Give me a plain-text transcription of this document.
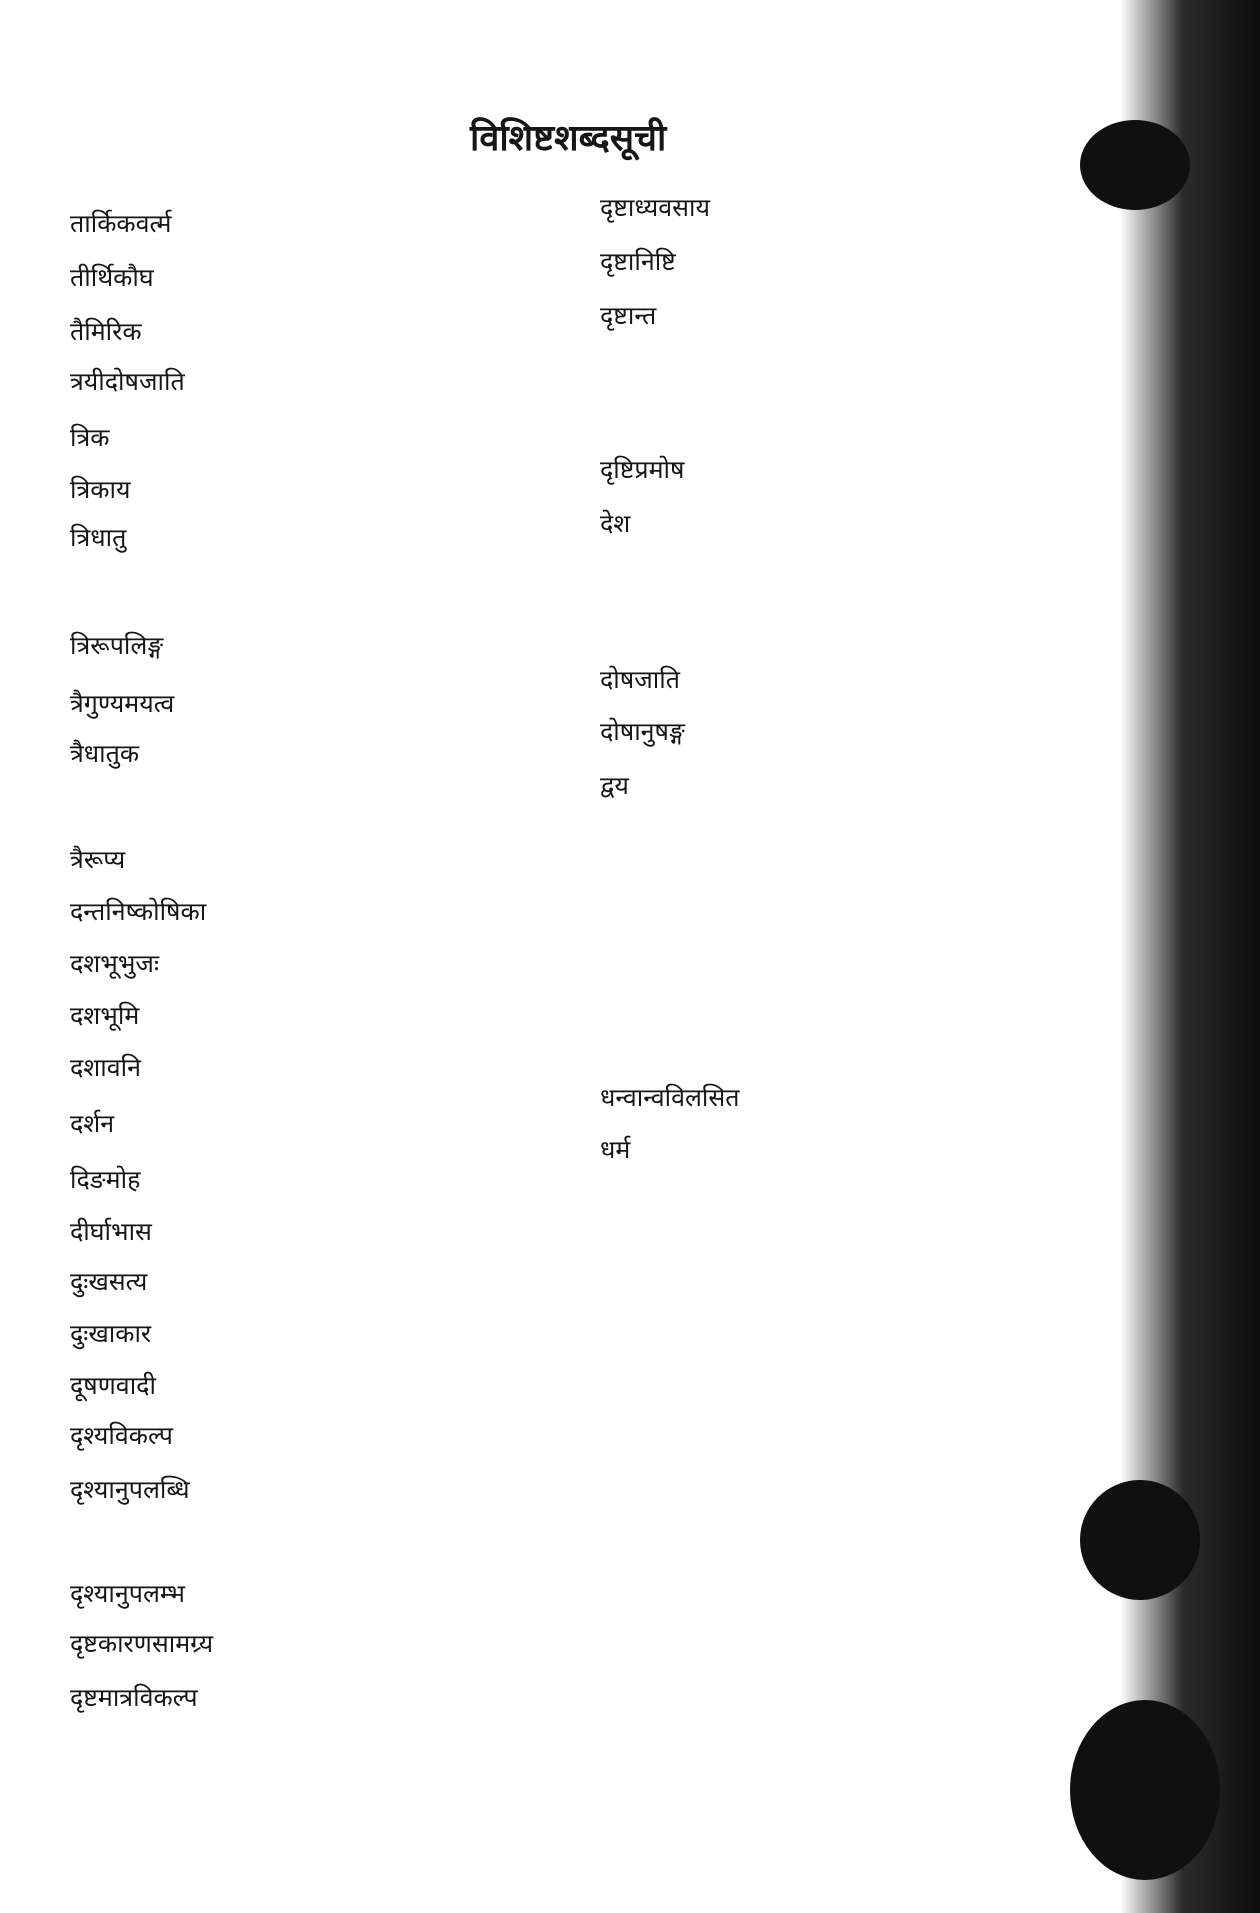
विशिष्टशब्दसूची
तार्किकवर्त्म
तीर्थिकौघ
तैमिरिक
त्रयीदोषजाति
त्रिक
त्रिकाय
त्रिधातु
त्रिरूपलिङ्ग
त्रैगुण्यमयत्व
त्रैधातुक
त्रैरूप्य
दन्तनिष्कोषिका
दशभूभुजः
दशभूमि
दशावनि
दर्शन
दिङमोह
दीर्घाभास
दुःखसत्य
दुःखाकार
दूषणवादी
दृश्यविकल्प
दृश्यानुपलब्धि
दृश्यानुपलम्भ
दृष्टकारणसामग्र्य
दृष्टमात्रविकल्प
दृष्टाध्यवसाय
दृष्टानिष्टि
दृष्टान्त
दृष्टिप्रमोष
देश
दोषजाति
दोषानुषङ्ग
द्वय
धन्वान्वविलसित
धर्म
